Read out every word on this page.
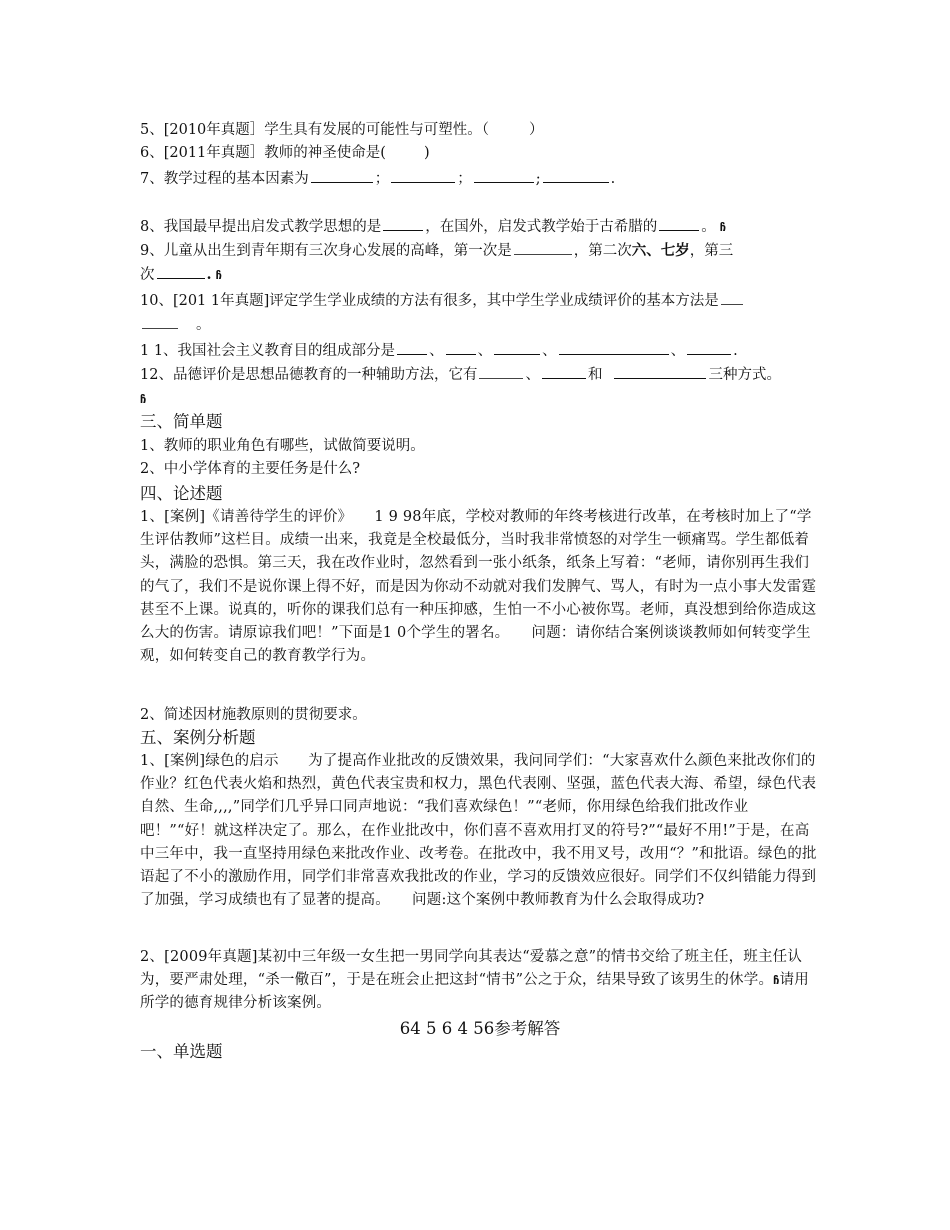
5、[2010年真题］学生具有发展的可能性与可塑性。（	）
6、[2011年真题］教师的神圣使命是(	)
7、教学过程的基本因素为	；	；	;	.
8、我国最早提出启发式教学思想的是	，在国外，启发式教学始于古希腊的	。 ჩ
9、儿童从出生到青年期有三次身心发展的高峰，第一次是	，第二次六、七岁，第三
次	. ჩ
10、[201 1年真题]评定学生学业成绩的方法有很多，其中学生学业成绩评价的基本方法是
。
1 1、我国社会主义教育目的组成部分是 、 、	、	、	.
12、品德评价是思想品德教育的一种辅助方法，它有	、	和	三种方式。
ჩ
三、简单题
1、教师的职业角色有哪些，试做简要说明。
2、中小学体育的主要任务是什么?
四、论述题
1、[案例]《请善待学生的评价》　　1 9 98年底，学校对教师的年终考核进行改革，在考核时加上了“学生评估教师”这栏目。成绩一出来，我竟是全校最低分，当时我非常愤怒的对学生一顿痛骂。学生都低着头，满脸的恐惧。第三天，我在改作业时，忽然看到一张小纸条，纸条上写着：“老师，请你别再生我们的气了，我们不是说你课上得不好，而是因为你动不动就对我们发脾气、骂人，有时为一点小事大发雷霆甚至不上课。说真的，听你的课我们总有一种压抑感，生怕一不小心被你骂。老师，真没想到给你造成这么大的伤害。请原谅我们吧！”下面是1 0个学生的署名。　　问题：请你结合案例谈谈教师如何转变学生观，如何转变自己的教育教学行为。
2、简述因材施教原则的贯彻要求。
五、案例分析题
1、[案例]绿色的启示　　为了提高作业批改的反馈效果，我问同学们：“大家喜欢什么颜色来批改你们的作业？红色代表火焰和热烈，黄色代表宝贵和权力，黑色代表刚、坚强，蓝色代表大海、希望，绿色代表自然、生命,,,,”同学们几乎异口同声地说：“我们喜欢绿色！”“老师，你用绿色给我们批改作业吧！”“好！就这样决定了。那么，在作业批改中，你们喜不喜欢用打叉的符号?”“最好不用!”于是，在高中三年中，我一直坚持用绿色来批改作业、改考卷。在批改中，我不用叉号，改用“？”和批语。绿色的批语起了不小的激励作用，同学们非常喜欢我批改的作业，学习的反馈效应很好。同学们不仅纠错能力得到了加强，学习成绩也有了显著的提高。　　问题:这个案例中教师教育为什么会取得成功?
2、[2009年真题]某初中三年级一女生把一男同学向其表达“爱慕之意”的情书交给了班主任，班主任认为，要严肃处理，“杀一儆百”，于是在班会止把这封“情书”公之于众，结果导致了该男生的休学。ჩ请用所学的德育规律分析该案例。
64 5 6 4 56参考解答
一、单选题
